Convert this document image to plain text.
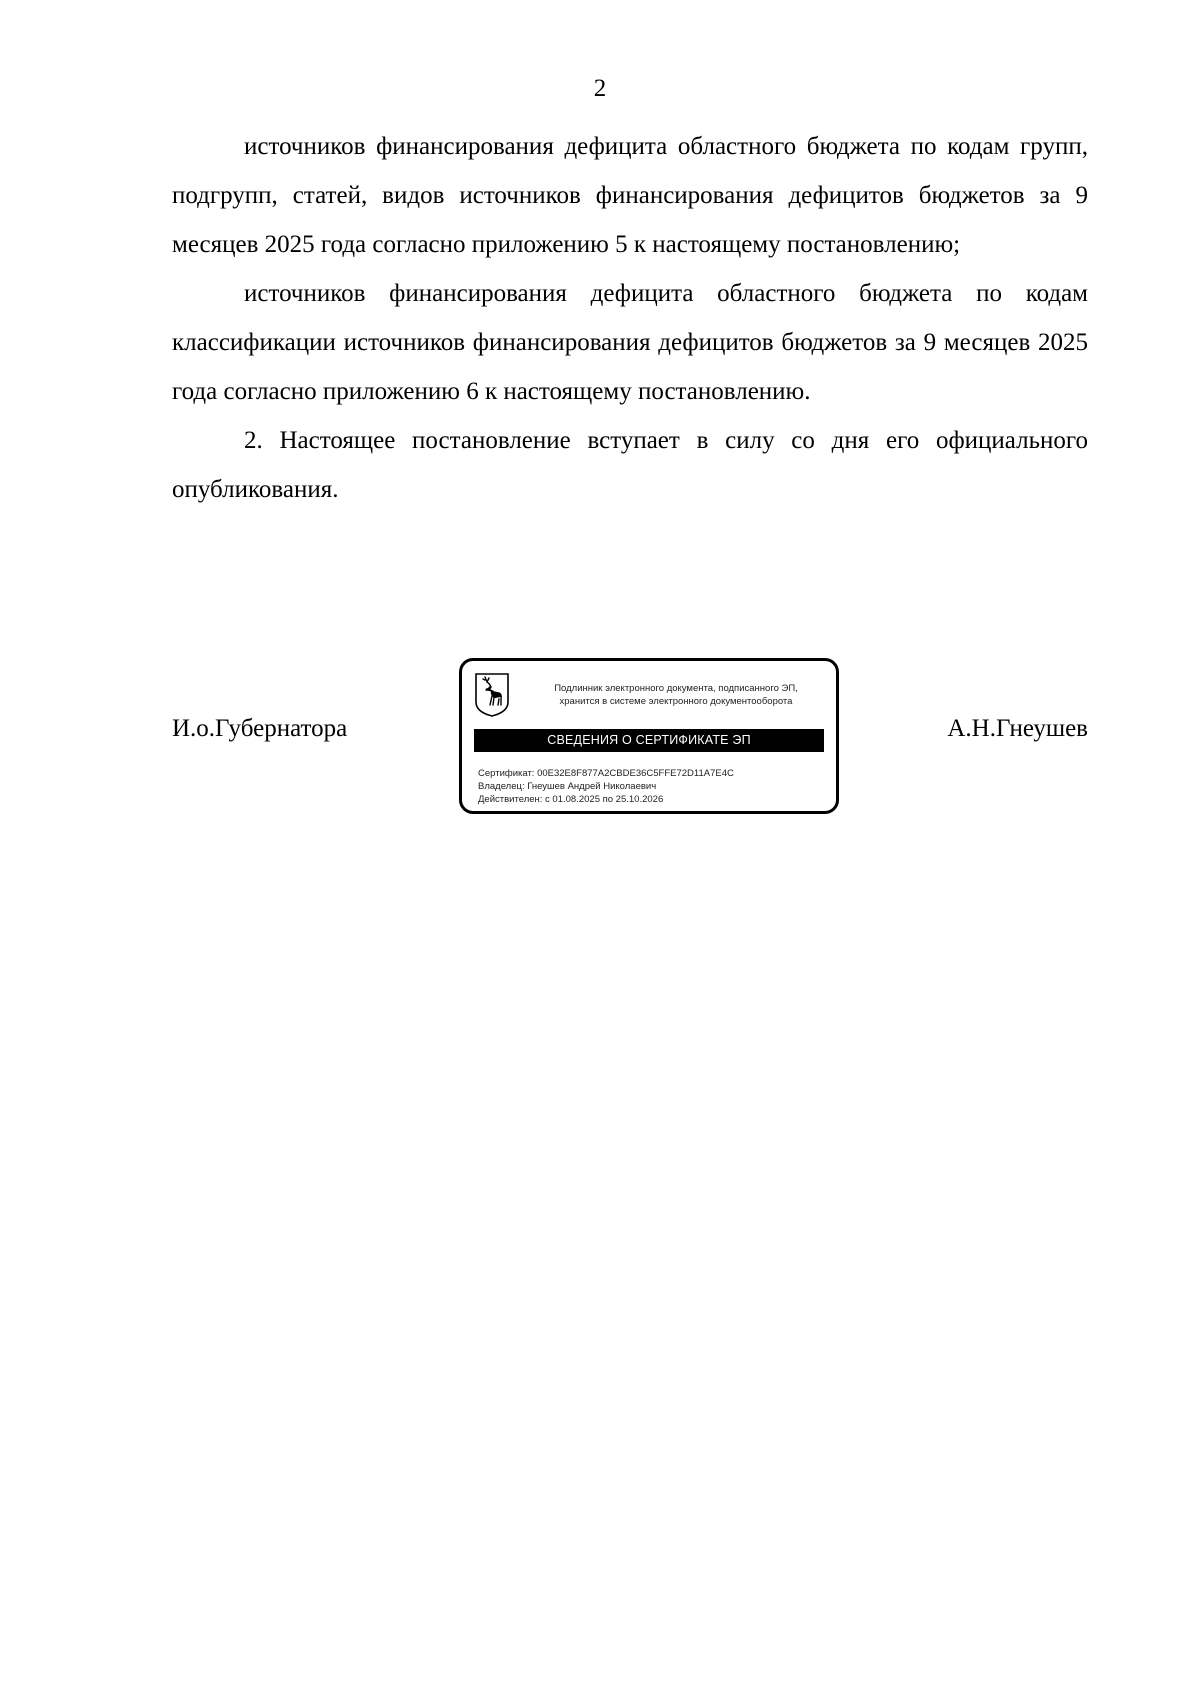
2

источников финансирования дефицита областного бюджета по кодам групп, подгрупп, статей, видов источников финансирования дефицитов бюджетов за 9 месяцев 2025 года согласно приложению 5 к настоящему постановлению;

источников финансирования дефицита областного бюджета по кодам классификации источников финансирования дефицитов бюджетов за 9 месяцев 2025 года согласно приложению 6 к настоящему постановлению.

2. Настоящее постановление вступает в силу со дня его официального опубликования.

И.о.Губернатора
Подлинник электронного документа, подписанного ЭП,
хранится в системе электронного документооборота
СВЕДЕНИЯ О СЕРТИФИКАТЕ ЭП
Сертификат: 00E32E8F877A2CBDE36C5FFE72D11A7E4C
Владелец: Гнеушев Андрей Николаевич
Действителен: с 01.08.2025 по 25.10.2026
А.Н.Гнеушев
